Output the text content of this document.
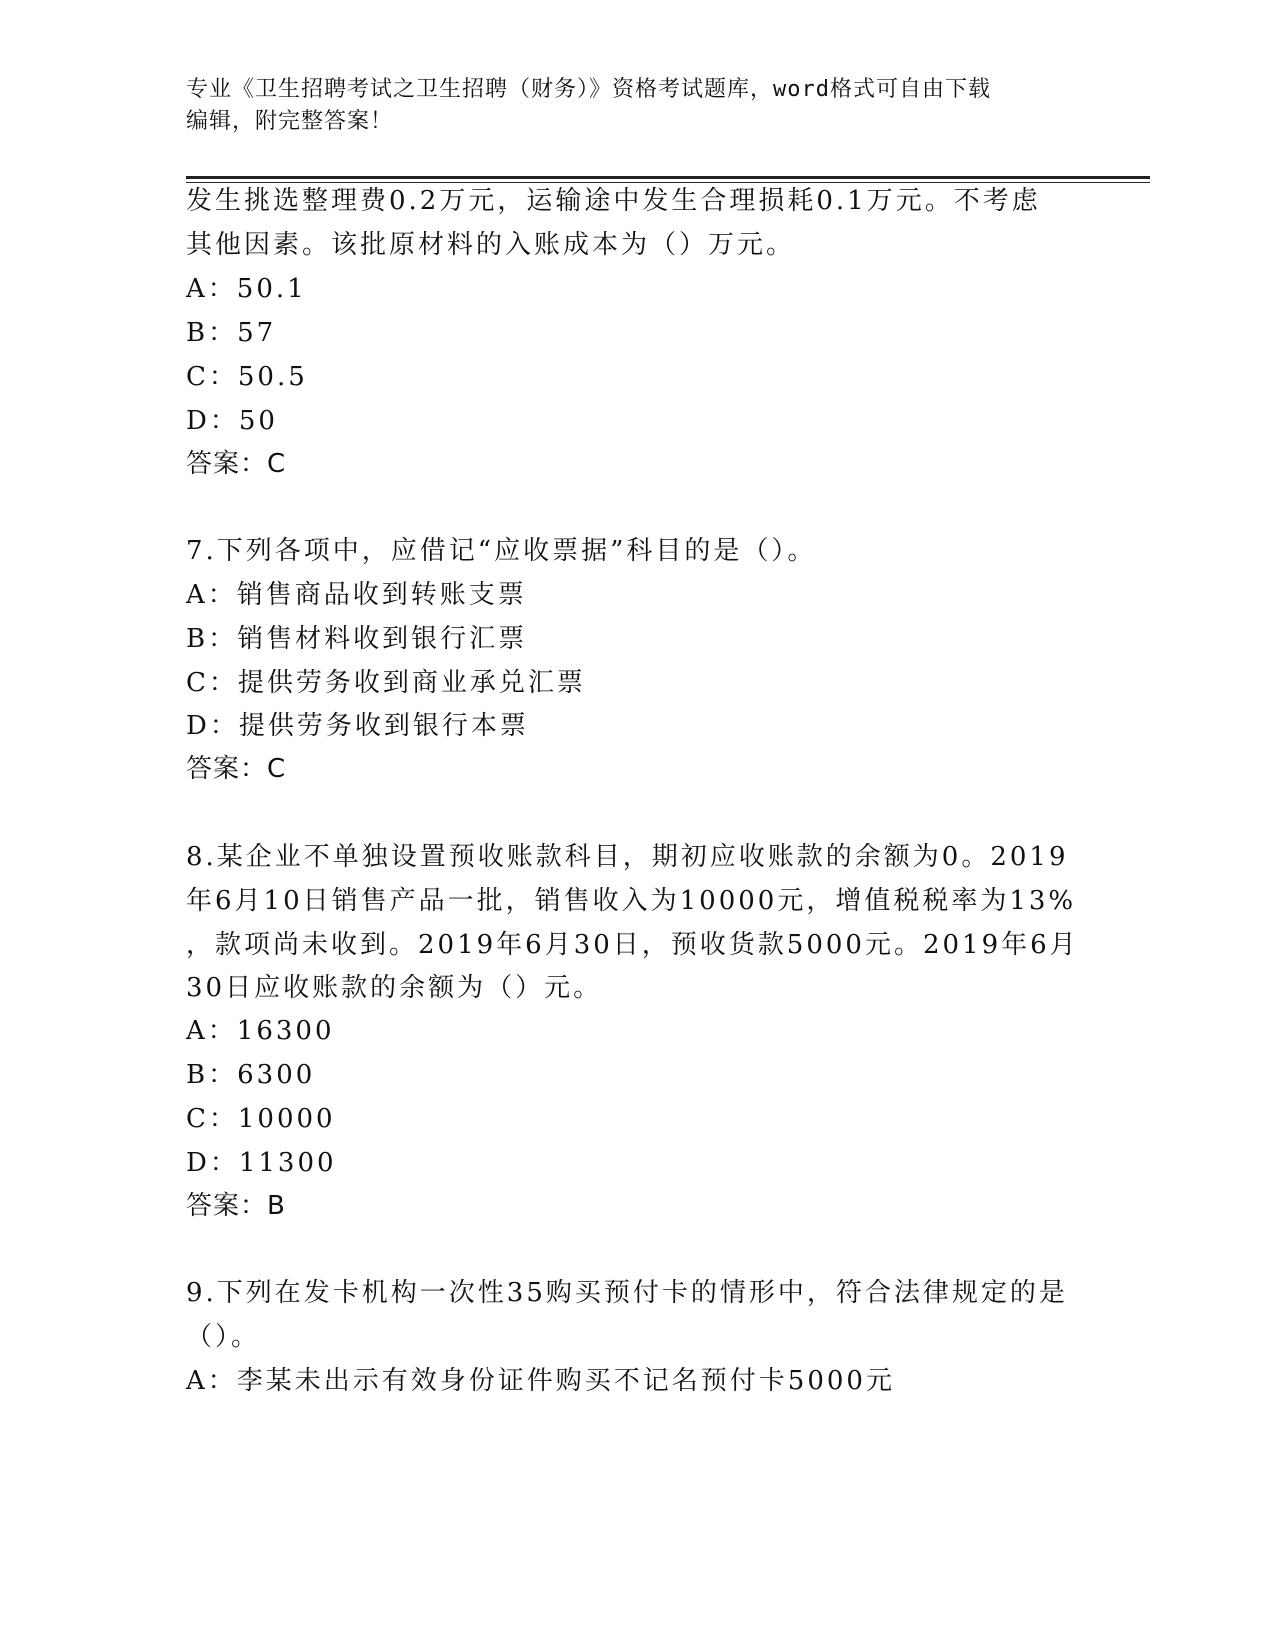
专业《卫生招聘考试之卫生招聘（财务）》资格考试题库，word格式可自由下载
编辑，附完整答案！
发生挑选整理费0.2万元，运输途中发生合理损耗0.1万元。不考虑
其他因素。该批原材料的入账成本为（）万元。
A：50.1
B：57
C：50.5
D：50
答案：C
7.下列各项中，应借记“应收票据”科目的是（）。
A：销售商品收到转账支票
B：销售材料收到银行汇票
C：提供劳务收到商业承兑汇票
D：提供劳务收到银行本票
答案：C
8.某企业不单独设置预收账款科目，期初应收账款的余额为0。2019
年6月10日销售产品一批，销售收入为10000元，增值税税率为13%
，款项尚未收到。2019年6月30日，预收货款5000元。2019年6月
30日应收账款的余额为（）元。
A：16300
B：6300
C：10000
D：11300
答案：B
9.下列在发卡机构一次性35购买预付卡的情形中，符合法律规定的是
（）。
A：李某未出示有效身份证件购买不记名预付卡5000元
